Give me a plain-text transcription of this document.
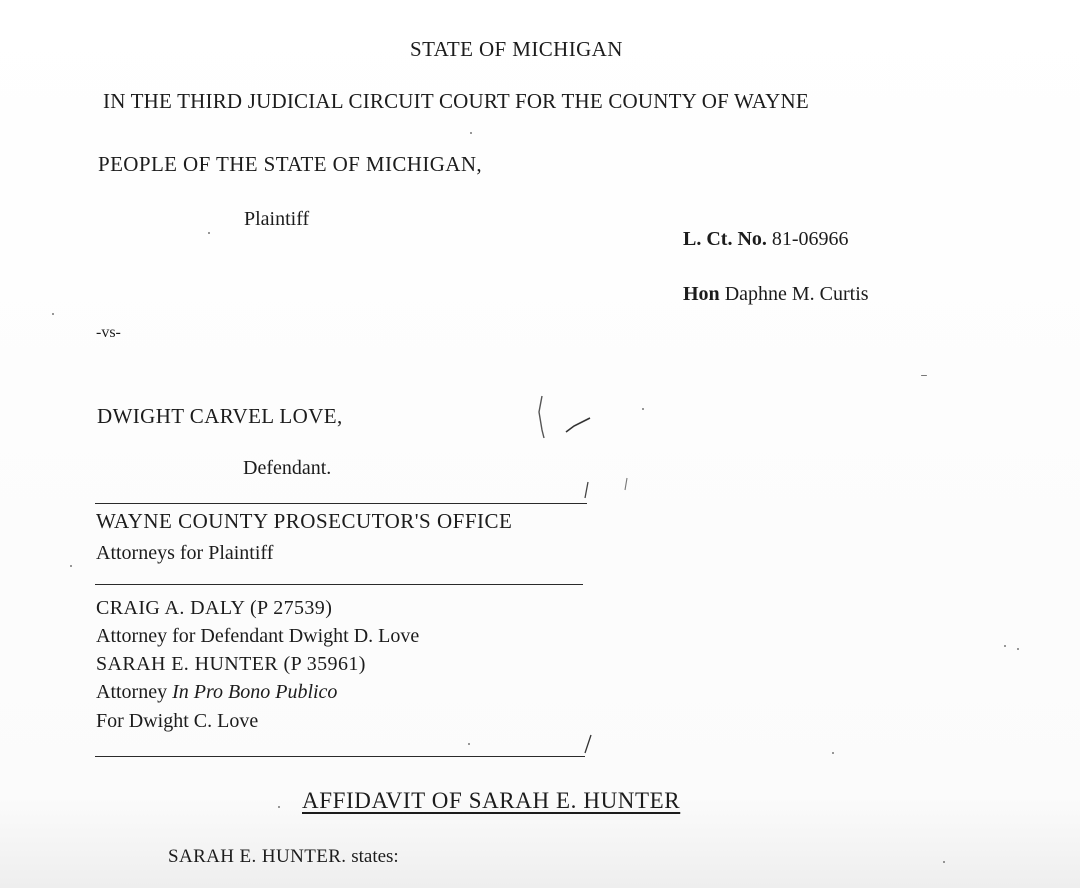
STATE OF MICHIGAN
IN THE THIRD JUDICIAL CIRCUIT COURT FOR THE COUNTY OF WAYNE
PEOPLE OF THE STATE OF MICHIGAN,
Plaintiff
L. Ct. No. 81-06966
Hon Daphne M. Curtis
-vs-
DWIGHT CARVEL LOVE,
Defendant.
WAYNE COUNTY PROSECUTOR'S OFFICE
Attorneys for Plaintiff
CRAIG A. DALY (P 27539)
Attorney for Defendant Dwight D. Love
SARAH E. HUNTER (P 35961)
Attorney In Pro Bono Publico
For Dwight C. Love
AFFIDAVIT OF SARAH E. HUNTER
SARAH E. HUNTER. states:
